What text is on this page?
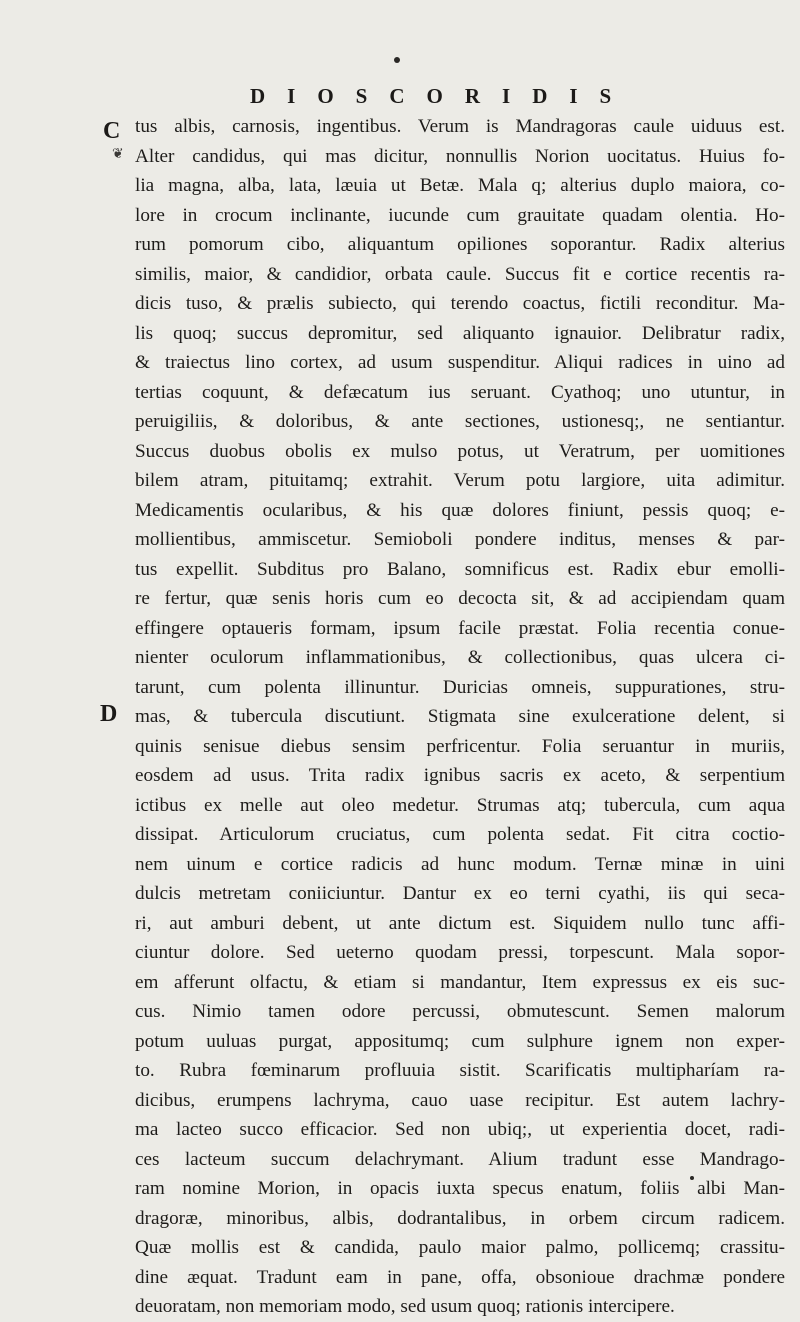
DIOSCORIDIS
C
❦
D
tus albis, carnosis, ingentibus. Verum is Mandragoras caule uiduus est.
Alter candidus, qui mas dicitur, nonnullis Norion uocitatus. Huius fo-
lia magna, alba, lata, læuia ut Betæ. Mala q; alterius duplo maiora, co-
lore in crocum inclinante, iucunde cum grauitate quadam olentia. Ho-
rum pomorum cibo, aliquantum opiliones soporantur. Radix alterius
similis, maior, & candidior, orbata caule. Succus fit e cortice recentis ra-
dicis tuso, & prælis subiecto, qui terendo coactus, fictili reconditur. Ma-
lis quoq; succus depromitur, sed aliquanto ignauior. Delibratur radix,
& traiectus lino cortex, ad usum suspenditur. Aliqui radices in uino ad
tertias coquunt, & defæcatum ius seruant. Cyathoq; uno utuntur, in
peruigiliis, & doloribus, & ante sectiones, ustionesq;, ne sentiantur.
Succus duobus obolis ex mulso potus, ut Veratrum, per uomitiones
bilem atram, pituitamq; extrahit. Verum potu largiore, uita adimitur.
Medicamentis ocularibus, & his quæ dolores finiunt, pessis quoq; e-
mollientibus, ammiscetur. Semioboli pondere inditus, menses & par-
tus expellit. Subditus pro Balano, somnificus est. Radix ebur emolli-
re fertur, quæ senis horis cum eo decocta sit, & ad accipiendam quam
effingere optaueris formam, ipsum facile præstat. Folia recentia conue-
nienter oculorum inflammationibus, & collectionibus, quas ulcera ci-
tarunt, cum polenta illinuntur. Duricias omneis, suppurationes, stru-
mas, & tubercula discutiunt. Stigmata sine exulceratione delent, si
quinis senisue diebus sensim perfricentur. Folia seruantur in muriis,
eosdem ad usus. Trita radix ignibus sacris ex aceto, & serpentium
ictibus ex melle aut oleo medetur. Strumas atq; tubercula, cum aqua
dissipat. Articulorum cruciatus, cum polenta sedat. Fit citra coctio-
nem uinum e cortice radicis ad hunc modum. Ternæ minæ in uini
dulcis metretam coniiciuntur. Dantur ex eo terni cyathi, iis qui seca-
ri, aut amburi debent, ut ante dictum est. Siquidem nullo tunc affi-
ciuntur dolore. Sed ueterno quodam pressi, torpescunt. Mala sopor-
em afferunt olfactu, & etiam si mandantur, Item expressus ex eis suc-
cus. Nimio tamen odore percussi, obmutescunt. Semen malorum
potum uuluas purgat, appositumq; cum sulphure ignem non exper-
to. Rubra fœminarum profluuia sistit. Scarificatis multipharíam ra-
dicibus, erumpens lachryma, cauo uase recipitur. Est autem lachry-
ma lacteo succo efficacior. Sed non ubiq;, ut experientia docet, radi-
ces lacteum succum delachrymant. Alium tradunt esse Mandrago-
ram nomine Morion, in opacis iuxta specus enatum, foliis albi Man-
dragoræ, minoribus, albis, dodrantalibus, in orbem circum radicem.
Quæ mollis est & candida, paulo maior palmo, pollicemq; crassitu-
dine æquat. Tradunt eam in pane, offa, obsonioue drachmæ pondere
deuoratam, non memoriam modo, sed usum quoq; rationis intercipere.
